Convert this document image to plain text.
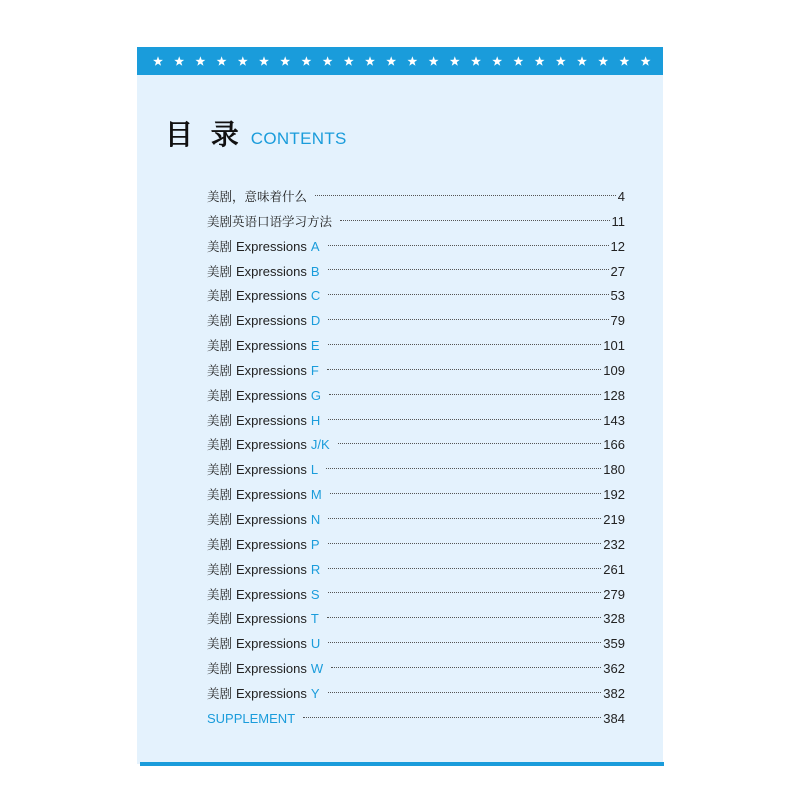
目 录 CONTENTS
美剧，意味着什么	4
美剧英语口语学习方法	11
美剧 Expressions A	12
美剧 Expressions B	27
美剧 Expressions C	53
美剧 Expressions D	79
美剧 Expressions E	101
美剧 Expressions F	109
美剧 Expressions G	128
美剧 Expressions H	143
美剧 Expressions J/K	166
美剧 Expressions L	180
美剧 Expressions M	192
美剧 Expressions N	219
美剧 Expressions P	232
美剧 Expressions R	261
美剧 Expressions S	279
美剧 Expressions T	328
美剧 Expressions U	359
美剧 Expressions W	362
美剧 Expressions Y	382
SUPPLEMENT	384
